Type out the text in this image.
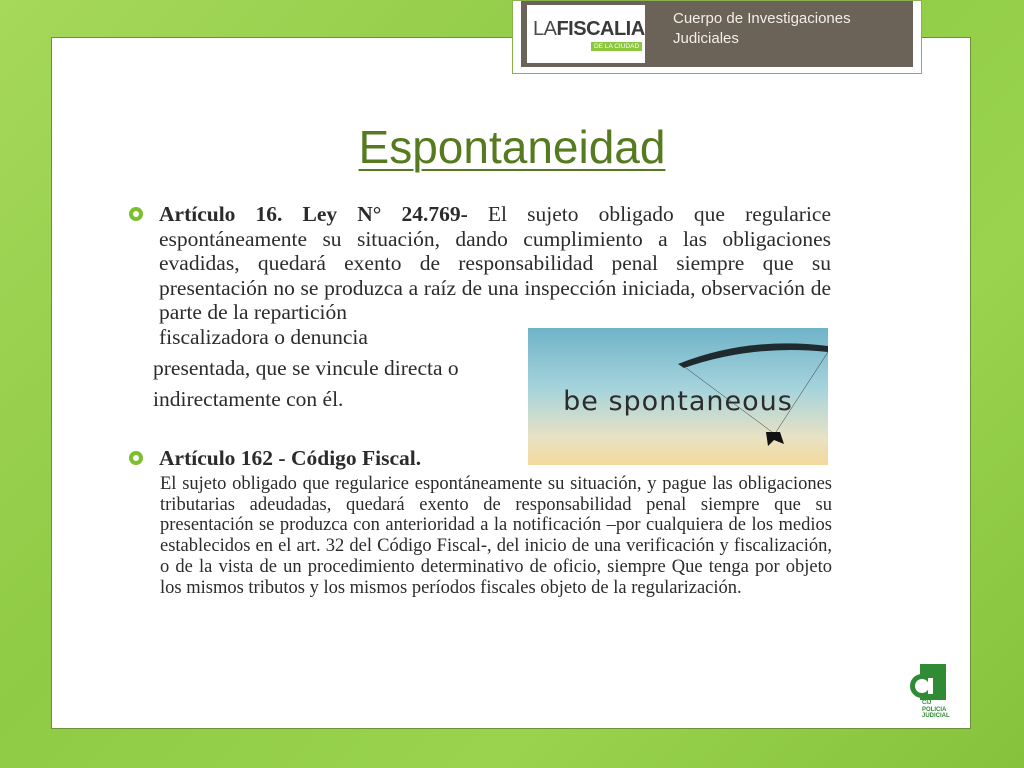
LAFISCALIA
DE LA CIUDAD
Cuerpo de Investigaciones Judiciales
Espontaneidad
Artículo 16. Ley N° 24.769- El sujeto obligado que regularice espontáneamente su situación, dando cumplimiento a las obligaciones evadidas, quedará exento de responsabilidad penal siempre que su presentación no se produzca a raíz de una inspección iniciada, observación de parte de la repartición
fiscalizadora o denuncia
presentada, que se vincule directa o
indirectamente con él.	be spontaneous
Artículo 162 - Código Fiscal.
El sujeto obligado que regularice espontáneamente su situación, y pague las obligaciones tributarias adeudadas, quedará exento de responsabilidad penal siempre que su presentación se produzca con anterioridad a la notificación –por cualquiera de los medios establecidos en el art. 32 del Código Fiscal-, del inicio de una verificación y fiscalización, o de la vista de un procedimiento determinativo de oficio, siempre Que tenga por objeto los mismos tributos y los mismos períodos fiscales objeto de la regularización.
CIJ
POLICIA
JUDICIAL
